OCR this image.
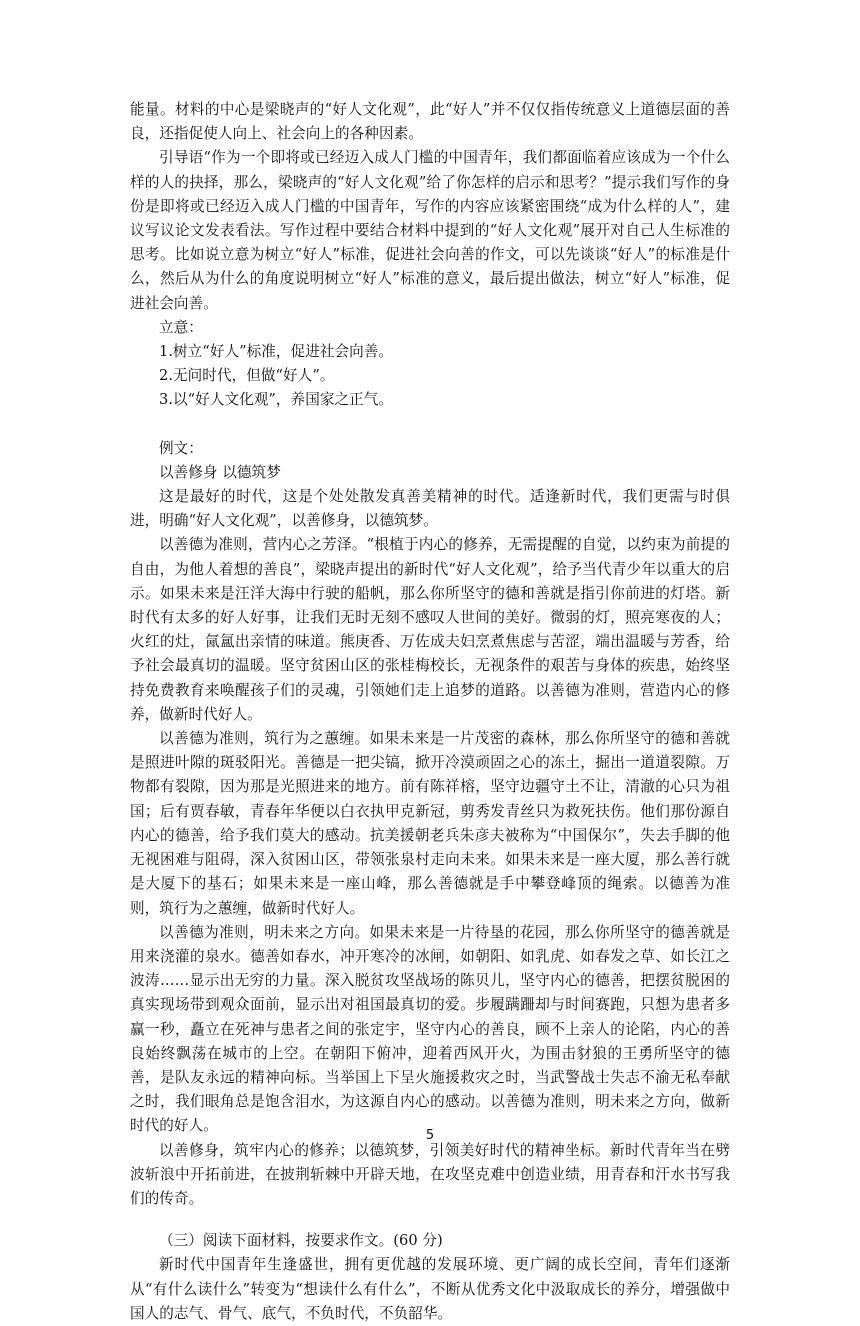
能量。材料的中心是梁晓声的“好人文化观”，此“好人”并不仅仅指传统意义上道德层面的善良，还指促使人向上、社会向上的各种因素。

引导语“作为一个即将或已经迈入成人门槛的中国青年，我们都面临着应该成为一个什么样的人的抉择，那么，梁晓声的“好人文化观”给了你怎样的启示和思考？”提示我们写作的身份是即将或已经迈入成人门槛的中国青年，写作的内容应该紧密围绕“成为什么样的人”，建议写议论文发表看法。写作过程中要结合材料中提到的“好人文化观”展开对自己人生标准的思考。比如说立意为树立“好人”标准，促进社会向善的作文，可以先谈谈“好人”的标准是什么，然后从为什么的角度说明树立“好人”标准的意义，最后提出做法，树立“好人”标准，促进社会向善。

立意：

1.树立“好人”标准，促进社会向善。

2.无问时代，但做“好人”。

3.以“好人文化观”，养国家之正气。

例文：

以善修身 以德筑梦

这是最好的时代，这是个处处散发真善美精神的时代。适逢新时代，我们更需与时俱进，明确“好人文化观”，以善修身，以德筑梦。

以善德为准则，营内心之芳泽。“根植于内心的修养，无需提醒的自觉，以约束为前提的自由，为他人着想的善良”，梁晓声提出的新时代“好人文化观”，给予当代青少年以重大的启示。如果未来是汪洋大海中行驶的船帆，那么你所坚守的德和善就是指引你前进的灯塔。新时代有太多的好人好事，让我们无时无刻不感叹人世间的美好。微弱的灯，照亮寒夜的人；火红的灶，氤氲出亲情的味道。熊庚香、万佐成夫妇烹煮焦虑与苦涩，端出温暖与芳香，给予社会最真切的温暖。坚守贫困山区的张桂梅校长，无视条件的艰苦与身体的疾患，始终坚持免费教育来唤醒孩子们的灵魂，引领她们走上追梦的道路。以善德为准则，营造内心的修养，做新时代好人。

以善德为准则，筑行为之蕙缠。如果未来是一片茂密的森林，那么你所坚守的德和善就是照进叶隙的斑驳阳光。善德是一把尖镐，掀开冷漠顽固之心的冻土，掘出一道道裂隙。万物都有裂隙，因为那是光照进来的地方。前有陈祥榕，坚守边疆守土不让，清澈的心只为祖国；后有贾春敏，青春年华便以白衣执甲克新冠，剪秀发青丝只为救死扶伤。他们那份源自内心的德善，给予我们莫大的感动。抗美援朝老兵朱彦夫被称为“中国保尔”，失去手脚的他无视困难与阻碍，深入贫困山区，带领张泉村走向未来。如果未来是一座大厦，那么善行就是大厦下的基石；如果未来是一座山峰，那么善德就是手中攀登峰顶的绳索。以德善为准则，筑行为之蕙缠，做新时代好人。

以善德为准则，明未来之方向。如果未来是一片待垦的花园，那么你所坚守的德善就是用来浇灌的泉水。德善如春水，冲开寒冷的冰闸，如朝阳、如乳虎、如春发之草、如长江之波涛……显示出无穷的力量。深入脱贫攻坚战场的陈贝儿，坚守内心的德善，把摆贫脱困的真实现场带到观众面前，显示出对祖国最真切的爱。步履蹒跚却与时间赛跑，只想为患者多赢一秒，矗立在死神与患者之间的张定宇，坚守内心的善良，顾不上亲人的论陷，内心的善良始终飘荡在城市的上空。在朝阳下俯冲，迎着西风开火，为围击豺狼的王勇所坚守的德善，是队友永远的精神向标。当举国上下呈火施援救灾之时，当武警战士失志不渝无私奉献之时，我们眼角总是饱含泪水，为这源自内心的感动。以善德为准则，明未来之方向，做新时代的好人。

以善修身，筑牢内心的修养；以德筑梦，引领美好时代的精神坐标。新时代青年当在劈波斩浪中开拓前进，在披荆斩棘中开辟天地，在攻坚克难中创造业绩，用青春和汗水书写我们的传奇。

（三）阅读下面材料，按要求作文。(60 分)

新时代中国青年生逢盛世，拥有更优越的发展环境、更广阔的成长空间，青年们逐渐从“有什么读什么”转变为“想读什么有什么”，不断从优秀文化中汲取成长的养分，增强做中国人的志气、骨气、底气，不负时代，不负韶华。

5
